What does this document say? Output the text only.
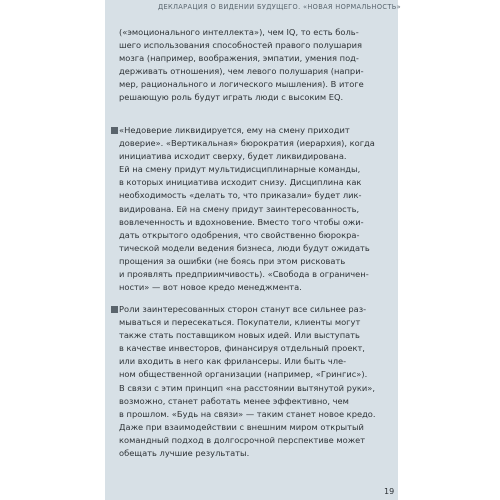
ДЕКЛАРАЦИЯ О ВИДЕНИИ БУДУЩЕГО. «НОВАЯ НОРМАЛЬНОСТЬ»
(«эмоционального интеллекта»), чем IQ, то есть боль-
шего использования способностей правого полушария
мозга (например, воображения, эмпатии, умения под-
держивать отношения), чем левого полушария (напри-
мер, рационального и логического мышления). В итоге
решающую роль будут играть люди с высоким EQ.
«Недоверие ликвидируется, ему на смену приходит
доверие». «Вертикальная» бюрократия (иерархия), когда
инициатива исходит сверху, будет ликвидирована.
Ей на смену придут мультидисциплинарные команды,
в которых инициатива исходит снизу. Дисциплина как
необходимость «делать то, что приказали» будет лик-
видирована. Ей на смену придут заинтересованность,
вовлеченность и вдохновение. Вместо того чтобы ожи-
дать открытого одобрения, что свойственно бюрокра-
тической модели ведения бизнеса, люди будут ожидать
прощения за ошибки (не боясь при этом рисковать
и проявлять предприимчивость). «Свобода в ограничен-
ности» — вот новое кредо менеджмента.
Роли заинтересованных сторон станут все сильнее раз-
мываться и пересекаться. Покупатели, клиенты могут
также стать поставщиком новых идей. Или выступать
в качестве инвесторов, финансируя отдельный проект,
или входить в него как фрилансеры. Или быть чле-
ном общественной организации (например, «Грингис»).
В связи с этим принцип «на расстоянии вытянутой руки»,
возможно, станет работать менее эффективно, чем
в прошлом. «Будь на связи» — таким станет новое кредо.
Даже при взаимодействии с внешним миром открытый
командный подход в долгосрочной перспективе может
обещать лучшие результаты.
19
